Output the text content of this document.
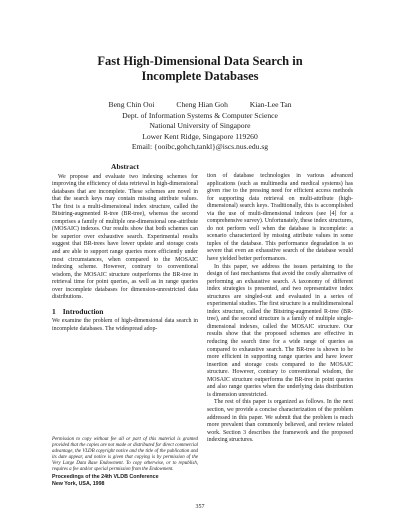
Fast High-Dimensional Data Search in
Incomplete Databases
Beng Chin Ooi	Cheng Hian Goh	Kian-Lee Tan
Dept. of Information Systems & Computer Science
National University of Singapore
Lower Kent Ridge, Singapore 119260
Email: {ooibc,gohch,tankl}@iscs.nus.edu.sg
Abstract

We propose and evaluate two indexing schemes for improving the efficiency of data retrieval in high-dimensional databases that are incomplete. These schemes are novel in that the search keys may contain missing attribute values. The first is a multi-dimensional index structure, called the Bitstring-augmented R-tree (BR-tree), whereas the second comprises a family of multiple one-dimensional one-attribute (MOSAIC) indexes. Our results show that both schemes can be superior over exhaustive search. Experimental results suggest that BR-trees have lower update and storage costs and are able to support range queries more efficiently under most circumstances, when compared to the MOSAIC indexing scheme. However, contrary to conventional wisdom, the MOSAIC structure outperforms the BR-tree in retrieval time for point queries, as well as in range queries over incomplete databases for dimension-unrestricted data distributions.

1 Introduction

We examine the problem of high-dimensional data search in incomplete databases. The widespread adop-

Permission to copy without fee all or part of this material is granted provided that the copies are not made or distributed for direct commercial advantage, the VLDB copyright notice and the title of the publication and its date appear, and notice is given that copying is by permission of the Very Large Data Base Endowment. To copy otherwise, or to republish, requires a fee and/or special permission from the Endowment.
Proceedings of the 24th VLDB Conference
New York, USA, 1998

tion of database technologies in various advanced applications (such as multimedia and medical systems) has given rise to the pressing need for efficient access methods for supporting data retrieval on multi-attribute (high-dimensional) search keys. Traditionally, this is accomplished via the use of multi-dimensional indexes (see [4] for a comprehensive survey). Unfortunately, these index structures, do not perform well when the database is incomplete: a scenario characterized by missing attribute values in some tuples of the database. This performance degradation is so severe that even an exhaustive search of the database would have yielded better performances.

In this paper, we address the issues pertaining to the design of fast mechanisms that avoid the costly alternative of performing an exhaustive search. A taxonomy of different index strategies is presented, and two representative index structures are singled-out and evaluated in a series of experimental studies. The first structure is a multidimensional index structure, called the Bitstring-augmented R-tree (BR-tree), and the second structure is a family of multiple single-dimensional indexes, called the MOSAIC structure. Our results show that the proposed schemes are effective in reducing the search time for a wide range of queries as compared to exhaustive search. The BR-tree is shown to be more efficient in supporting range queries and have lower insertion and storage costs compared to the MOSAIC structure. However, contrary to conventional wisdom, the MOSAIC structure outperforms the BR-tree in point queries and also range queries when the underlying data distribution is dimension unrestricted.

The rest of this paper is organized as follows. In the next section, we provide a concise characterization of the problem addressed in this paper. We submit that the problem is much more prevalent than commonly believed, and review related work. Section 3 describes the framework and the proposed indexing structures.

357
